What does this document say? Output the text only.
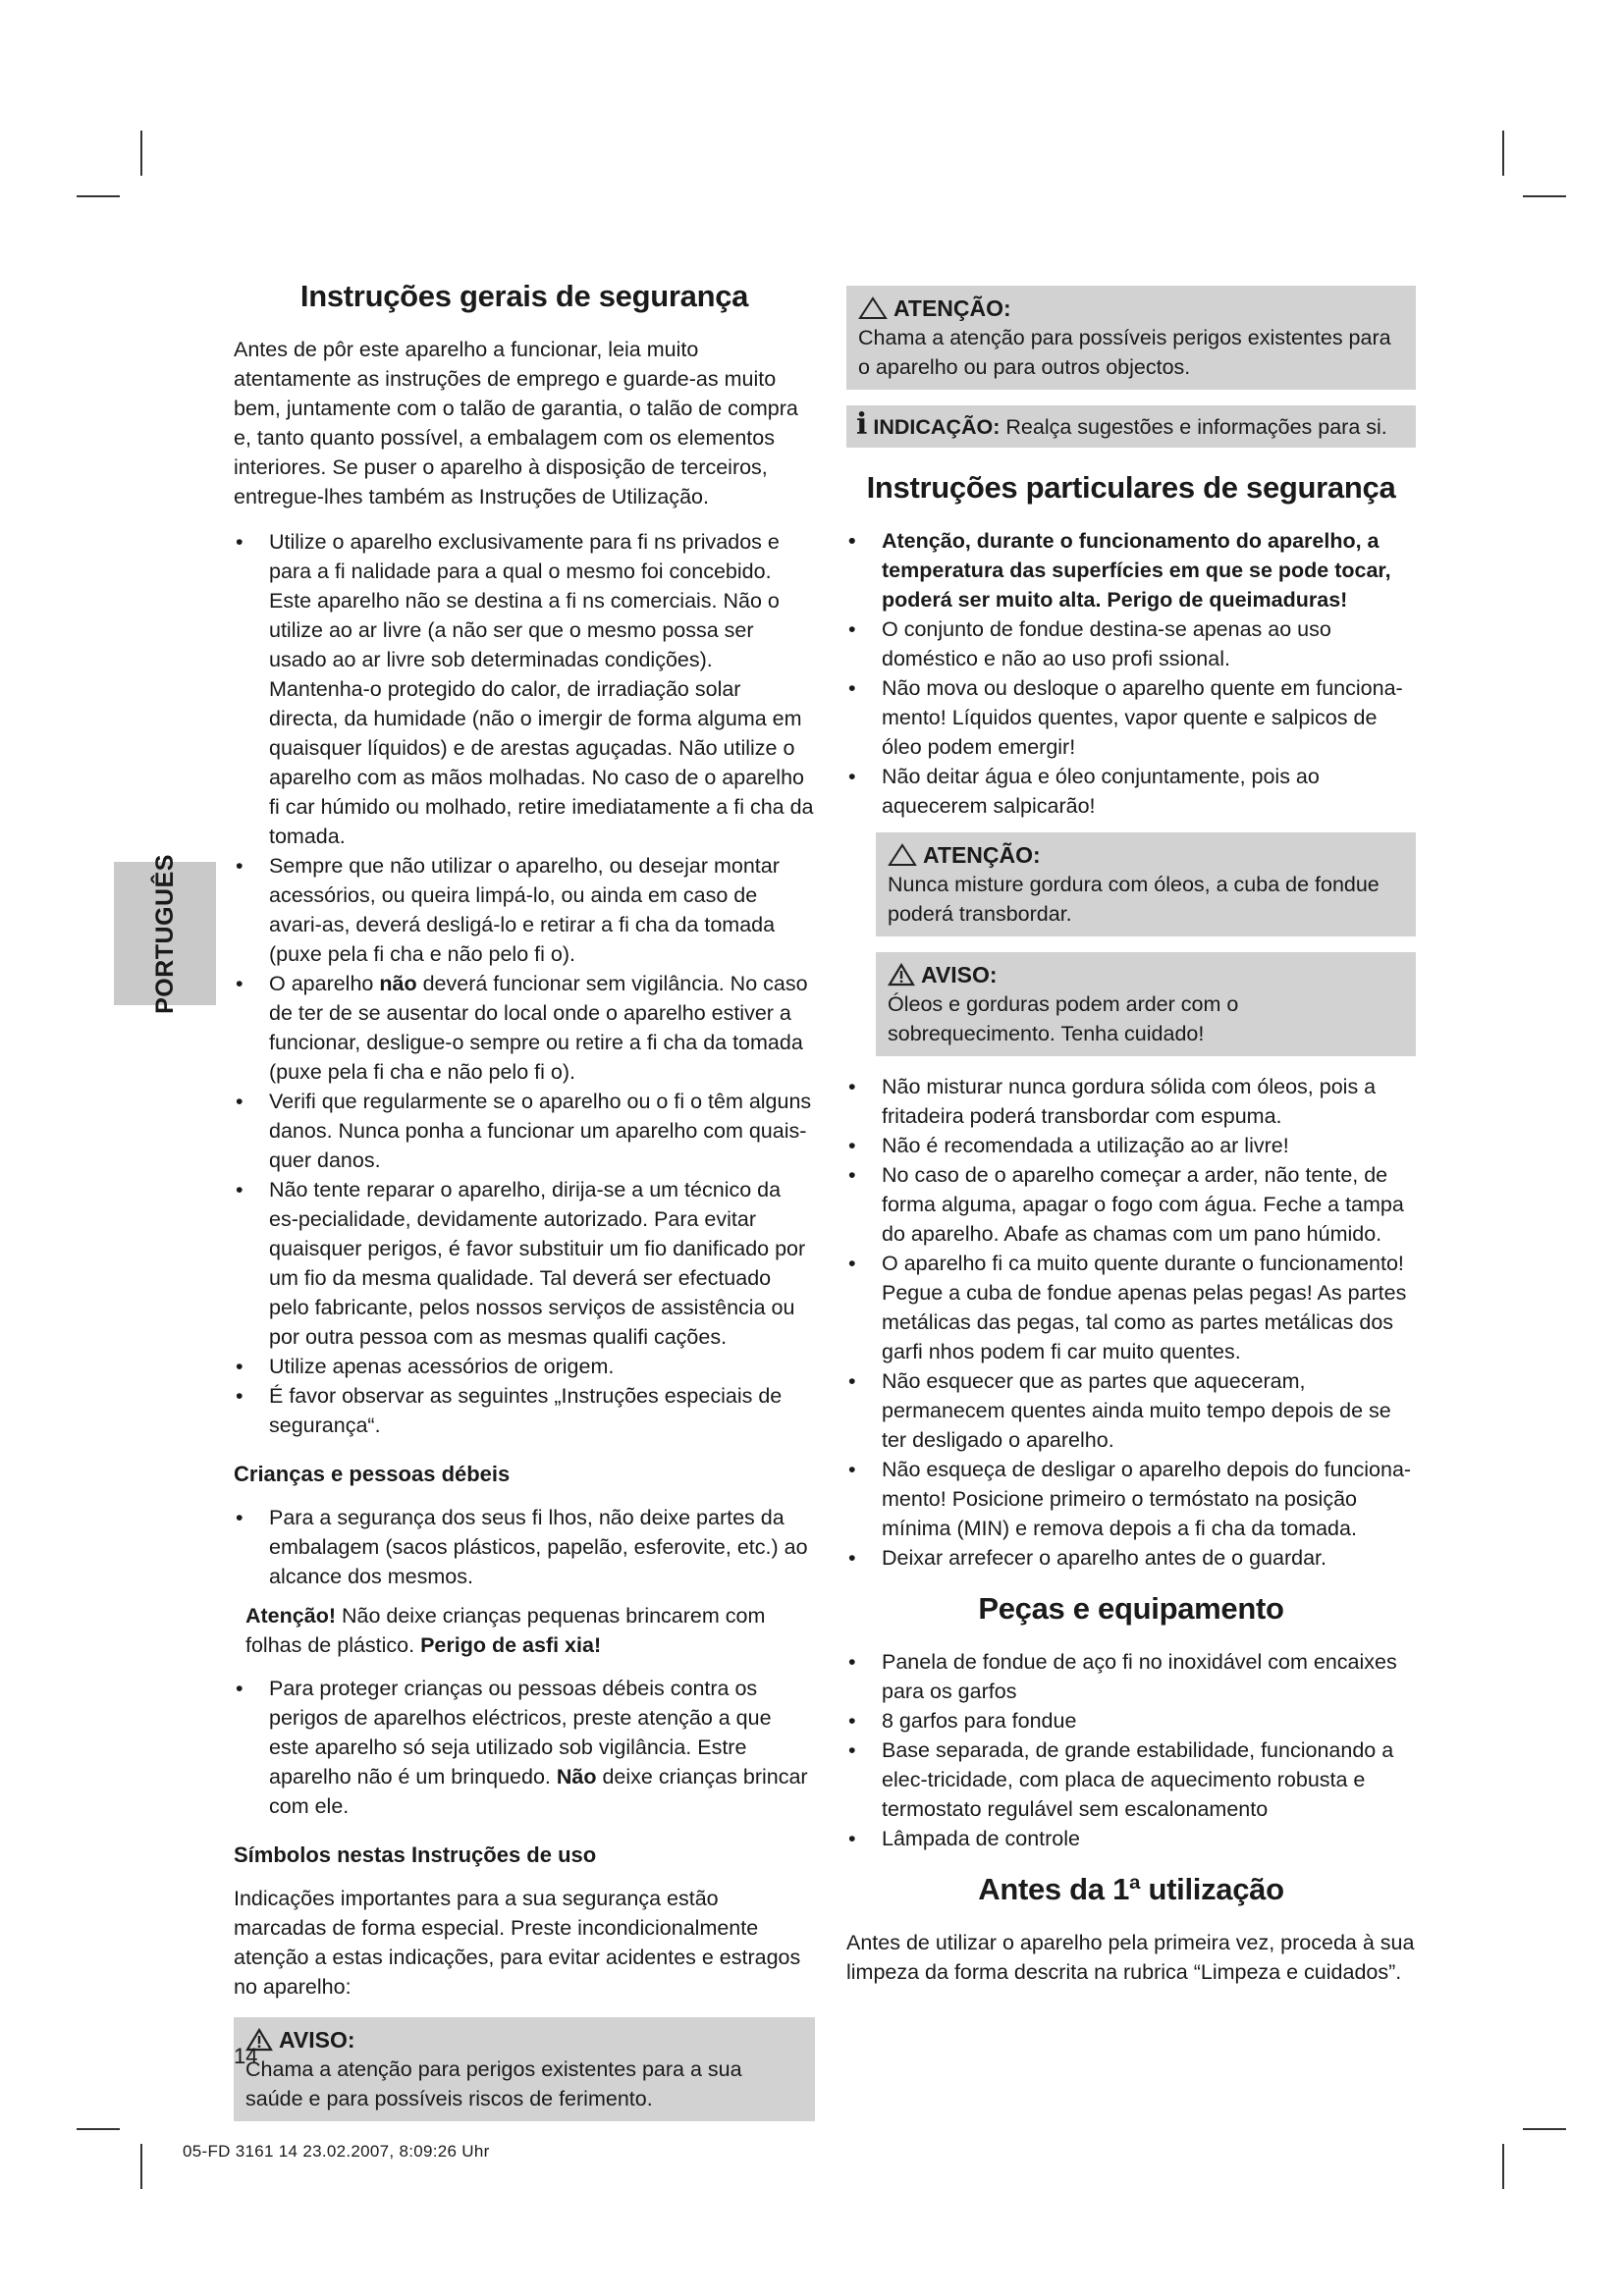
PORTUGUÊS
Instruções gerais de segurança

Antes de pôr este aparelho a funcionar, leia muito atentamente as instruções de emprego e guarde-as muito bem, juntamente com o talão de garantia, o talão de compra e, tanto quanto possível, a embalagem com os elementos interiores. Se puser o aparelho à disposição de terceiros, entregue-lhes também as Instruções de Utilização.

• Utilize o aparelho exclusivamente para fi ns privados e para a fi nalidade para a qual o mesmo foi concebido. Este aparelho não se destina a fi ns comerciais. Não o utilize ao ar livre (a não ser que o mesmo possa ser usado ao ar livre sob determinadas condições). Mantenha-o protegido do calor, de irradiação solar directa, da humidade (não o imergir de forma alguma em quaisquer líquidos) e de arestas aguçadas. Não utilize o aparelho com as mãos molhadas. No caso de o aparelho fi car húmido ou molhado, retire imediatamente a fi cha da tomada.
• Sempre que não utilizar o aparelho, ou desejar montar acessórios, ou queira limpá-lo, ou ainda em caso de avari-as, deverá desligá-lo e retirar a fi cha da tomada (puxe pela fi cha e não pelo fi o).
• O aparelho não deverá funcionar sem vigilância. No caso de ter de se ausentar do local onde o aparelho estiver a funcionar, desligue-o sempre ou retire a fi cha da tomada (puxe pela fi cha e não pelo fi o).
• Verifi que regularmente se o aparelho ou o fi o têm alguns danos. Nunca ponha a funcionar um aparelho com quais-quer danos.
• Não tente reparar o aparelho, dirija-se a um técnico da es-pecialidade, devidamente autorizado. Para evitar quaisquer perigos, é favor substituir um fio danificado por um fio da mesma qualidade. Tal deverá ser efectuado pelo fabricante, pelos nossos serviços de assistência ou por outra pessoa com as mesmas qualifi cações.
• Utilize apenas acessórios de origem.
• É favor observar as seguintes „Instruções especiais de segurança“.
Crianças e pessoas débeis
• Para a segurança dos seus fi lhos, não deixe partes da embalagem (sacos plásticos, papelão, esferovite, etc.) ao alcance dos mesmos.

Atenção! Não deixe crianças pequenas brincarem com folhas de plástico. Perigo de asfi xia!

• Para proteger crianças ou pessoas débeis contra os perigos de aparelhos eléctricos, preste atenção a que este aparelho só seja utilizado sob vigilância. Estre aparelho não é um brinquedo. Não deixe crianças brincar com ele.
Símbolos nestas Instruções de uso

Indicações importantes para a sua segurança estão marcadas de forma especial. Preste incondicionalmente atenção a estas indicações, para evitar acidentes e estragos no aparelho:

AVISO:
Chama a atenção para perigos existentes para a sua saúde e para possíveis riscos de ferimento.
ATENÇÃO:
Chama a atenção para possíveis perigos existentes para o aparelho ou para outros objectos.
i INDICAÇÃO: Realça sugestões e informações para si.
Instruções particulares de segurança
• Atenção, durante o funcionamento do aparelho, a temperatura das superfícies em que se pode tocar, poderá ser muito alta. Perigo de queimaduras!
• O conjunto de fondue destina-se apenas ao uso doméstico e não ao uso profi ssional.
• Não mova ou desloque o aparelho quente em funciona-mento! Líquidos quentes, vapor quente e salpicos de óleo podem emergir!
• Não deitar água e óleo conjuntamente, pois ao aquecerem salpicarão!
ATENÇÃO:
Nunca misture gordura com óleos, a cuba de fondue poderá transbordar.
AVISO:
Óleos e gorduras podem arder com o sobrequecimento. Tenha cuidado!
• Não misturar nunca gordura sólida com óleos, pois a fritadeira poderá transbordar com espuma.
• Não é recomendada a utilização ao ar livre!
• No caso de o aparelho começar a arder, não tente, de forma alguma, apagar o fogo com água. Feche a tampa do aparelho. Abafe as chamas com um pano húmido.
• O aparelho fi ca muito quente durante o funcionamento! Pegue a cuba de fondue apenas pelas pegas! As partes metálicas das pegas, tal como as partes metálicas dos garfi nhos podem fi car muito quentes.
• Não esquecer que as partes que aqueceram, permanecem quentes ainda muito tempo depois de se ter desligado o aparelho.
• Não esqueça de desligar o aparelho depois do funciona-mento! Posicione primeiro o termóstato na posição mínima (MIN) e remova depois a fi cha da tomada.
• Deixar arrefecer o aparelho antes de o guardar.
Peças e equipamento
• Panela de fondue de aço fi no inoxidável com encaixes para os garfos
• 8 garfos para fondue
• Base separada, de grande estabilidade, funcionando a elec-tricidade, com placa de aquecimento robusta e termostato regulável sem escalonamento
• Lâmpada de controle
Antes da 1ª utilização

Antes de utilizar o aparelho pela primeira vez, proceda à sua limpeza da forma descrita na rubrica “Limpeza e cuidados”.

14
05-FD 3161 14 23.02.2007, 8:09:26 Uhr
